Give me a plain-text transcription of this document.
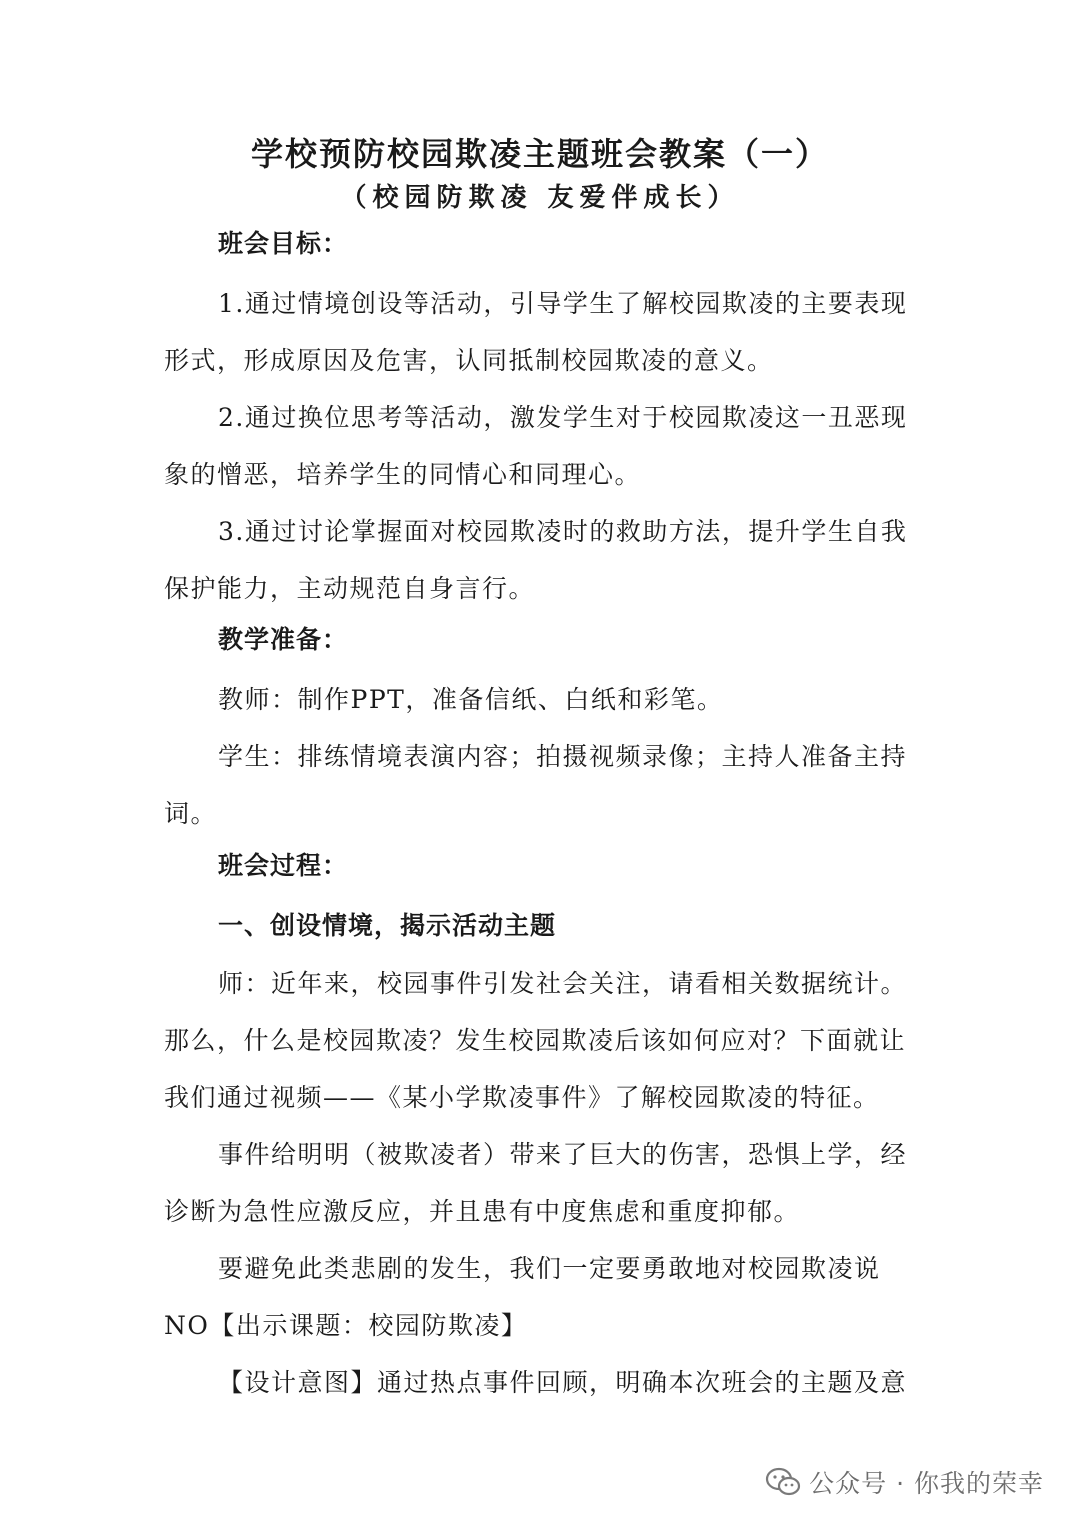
学校预防校园欺凌主题班会教案（一）
（校园防欺凌 友爱伴成长）
班会目标：
1.通过情境创设等活动，引导学生了解校园欺凌的主要表现
形式，形成原因及危害，认同抵制校园欺凌的意义。
2.通过换位思考等活动，激发学生对于校园欺凌这一丑恶现
象的憎恶，培养学生的同情心和同理心。
3.通过讨论掌握面对校园欺凌时的救助方法，提升学生自我
保护能力，主动规范自身言行。
教学准备：
教师：制作PPT，准备信纸、白纸和彩笔。
学生：排练情境表演内容；拍摄视频录像；主持人准备主持
词。
班会过程：
一、创设情境，揭示活动主题
师：近年来，校园事件引发社会关注，请看相关数据统计。
那么，什么是校园欺凌？发生校园欺凌后该如何应对？下面就让
我们通过视频——《某小学欺凌事件》了解校园欺凌的特征。
事件给明明（被欺凌者）带来了巨大的伤害，恐惧上学，经
诊断为急性应激反应，并且患有中度焦虑和重度抑郁。
要避免此类悲剧的发生，我们一定要勇敢地对校园欺凌说
NO【出示课题：校园防欺凌】
【设计意图】通过热点事件回顾，明确本次班会的主题及意
公众号 · 你我的荣幸
